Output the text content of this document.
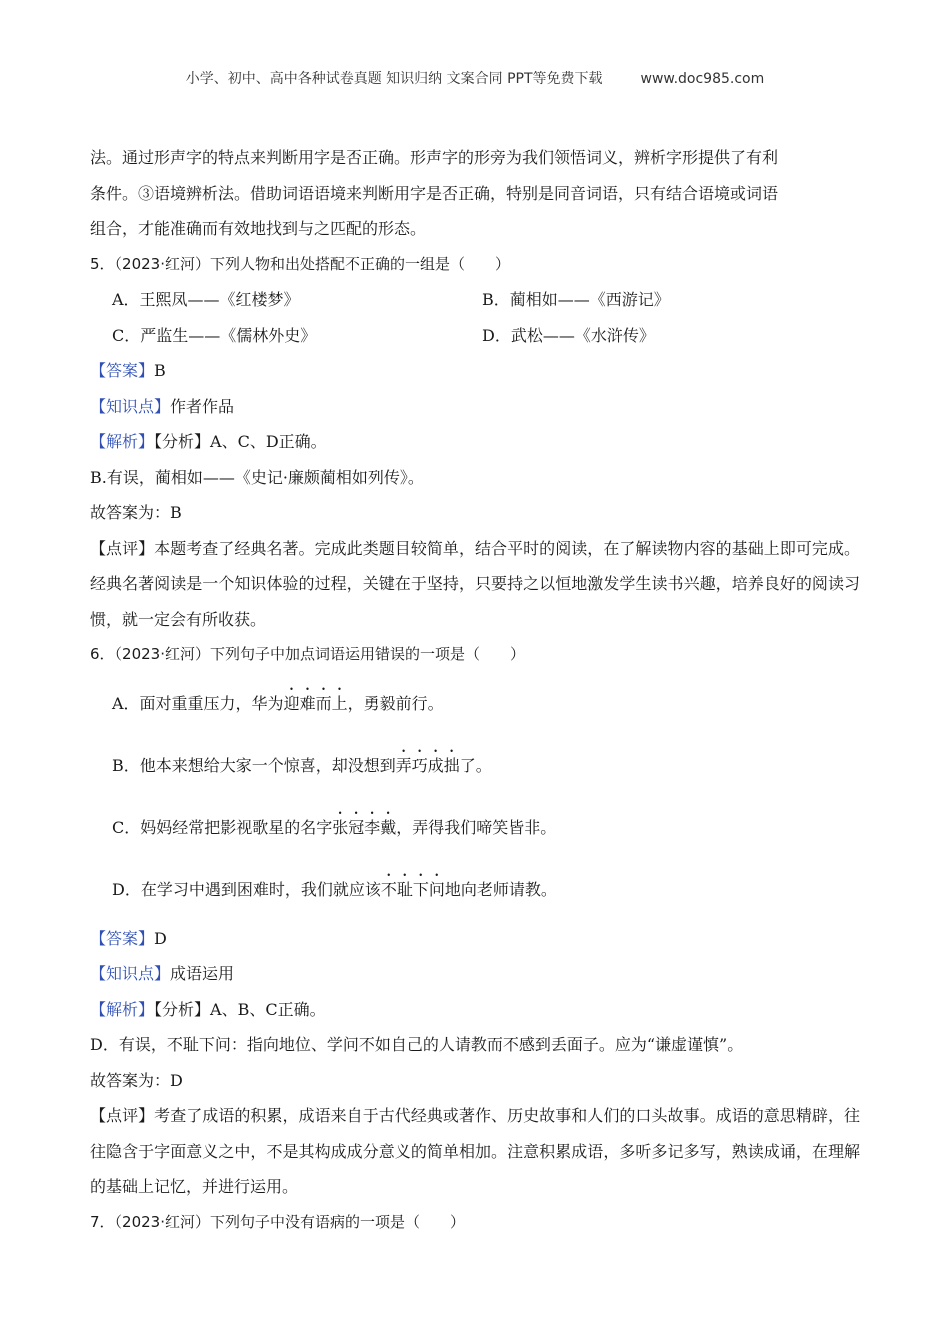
小学、初中、高中各种试卷真题 知识归纳 文案合同 PPT等免费下载	www.doc985.com

法。通过形声字的特点来判断用字是否正确。形声字的形旁为我们领悟词义，辨析字形提供了有利

条件。③语境辨析法。借助词语语境来判断用字是否正确，特别是同音词语，只有结合语境或词语

组合，才能准确而有效地找到与之匹配的形态。

5．（2023·红河）下列人物和出处搭配不正确的一组是（　　）

A．王熙凤——《红楼梦》	B．蔺相如——《西游记》

C．严监生——《儒林外史》	D．武松——《水浒传》

【答案】B

【知识点】作者作品

【解析】【分析】A、C、D正确。

B.有误，蔺相如——《史记·廉颇蔺相如列传》。

故答案为：B

【点评】本题考查了经典名著。完成此类题目较简单，结合平时的阅读，在了解读物内容的基础上即可完成。经典名著阅读是一个知识体验的过程，关键在于坚持，只要持之以恒地激发学生读书兴趣，培养良好的阅读习惯，就一定会有所收获。

6．（2023·红河）下列句子中加点词语运用错误的一项是（　　）

A．面对重重压力，华为迎难而上，勇毅前行。

B．他本来想给大家一个惊喜，却没想到弄巧成拙了。

C．妈妈经常把影视歌星的名字张冠李戴，弄得我们啼笑皆非。

D．在学习中遇到困难时，我们就应该不耻下问地向老师请教。

【答案】D

【知识点】成语运用

【解析】【分析】A、B、C正确。

D．有误，不耻下问：指向地位、学问不如自己的人请教而不感到丢面子。应为“谦虚谨慎”。

故答案为：D

【点评】考查了成语的积累，成语来自于古代经典或著作、历史故事和人们的口头故事。成语的意思精辟，往往隐含于字面意义之中，不是其构成成分意义的简单相加。注意积累成语，多听多记多写，熟读成诵，在理解的基础上记忆，并进行运用。

7．（2023·红河）下列句子中没有语病的一项是（　　）
